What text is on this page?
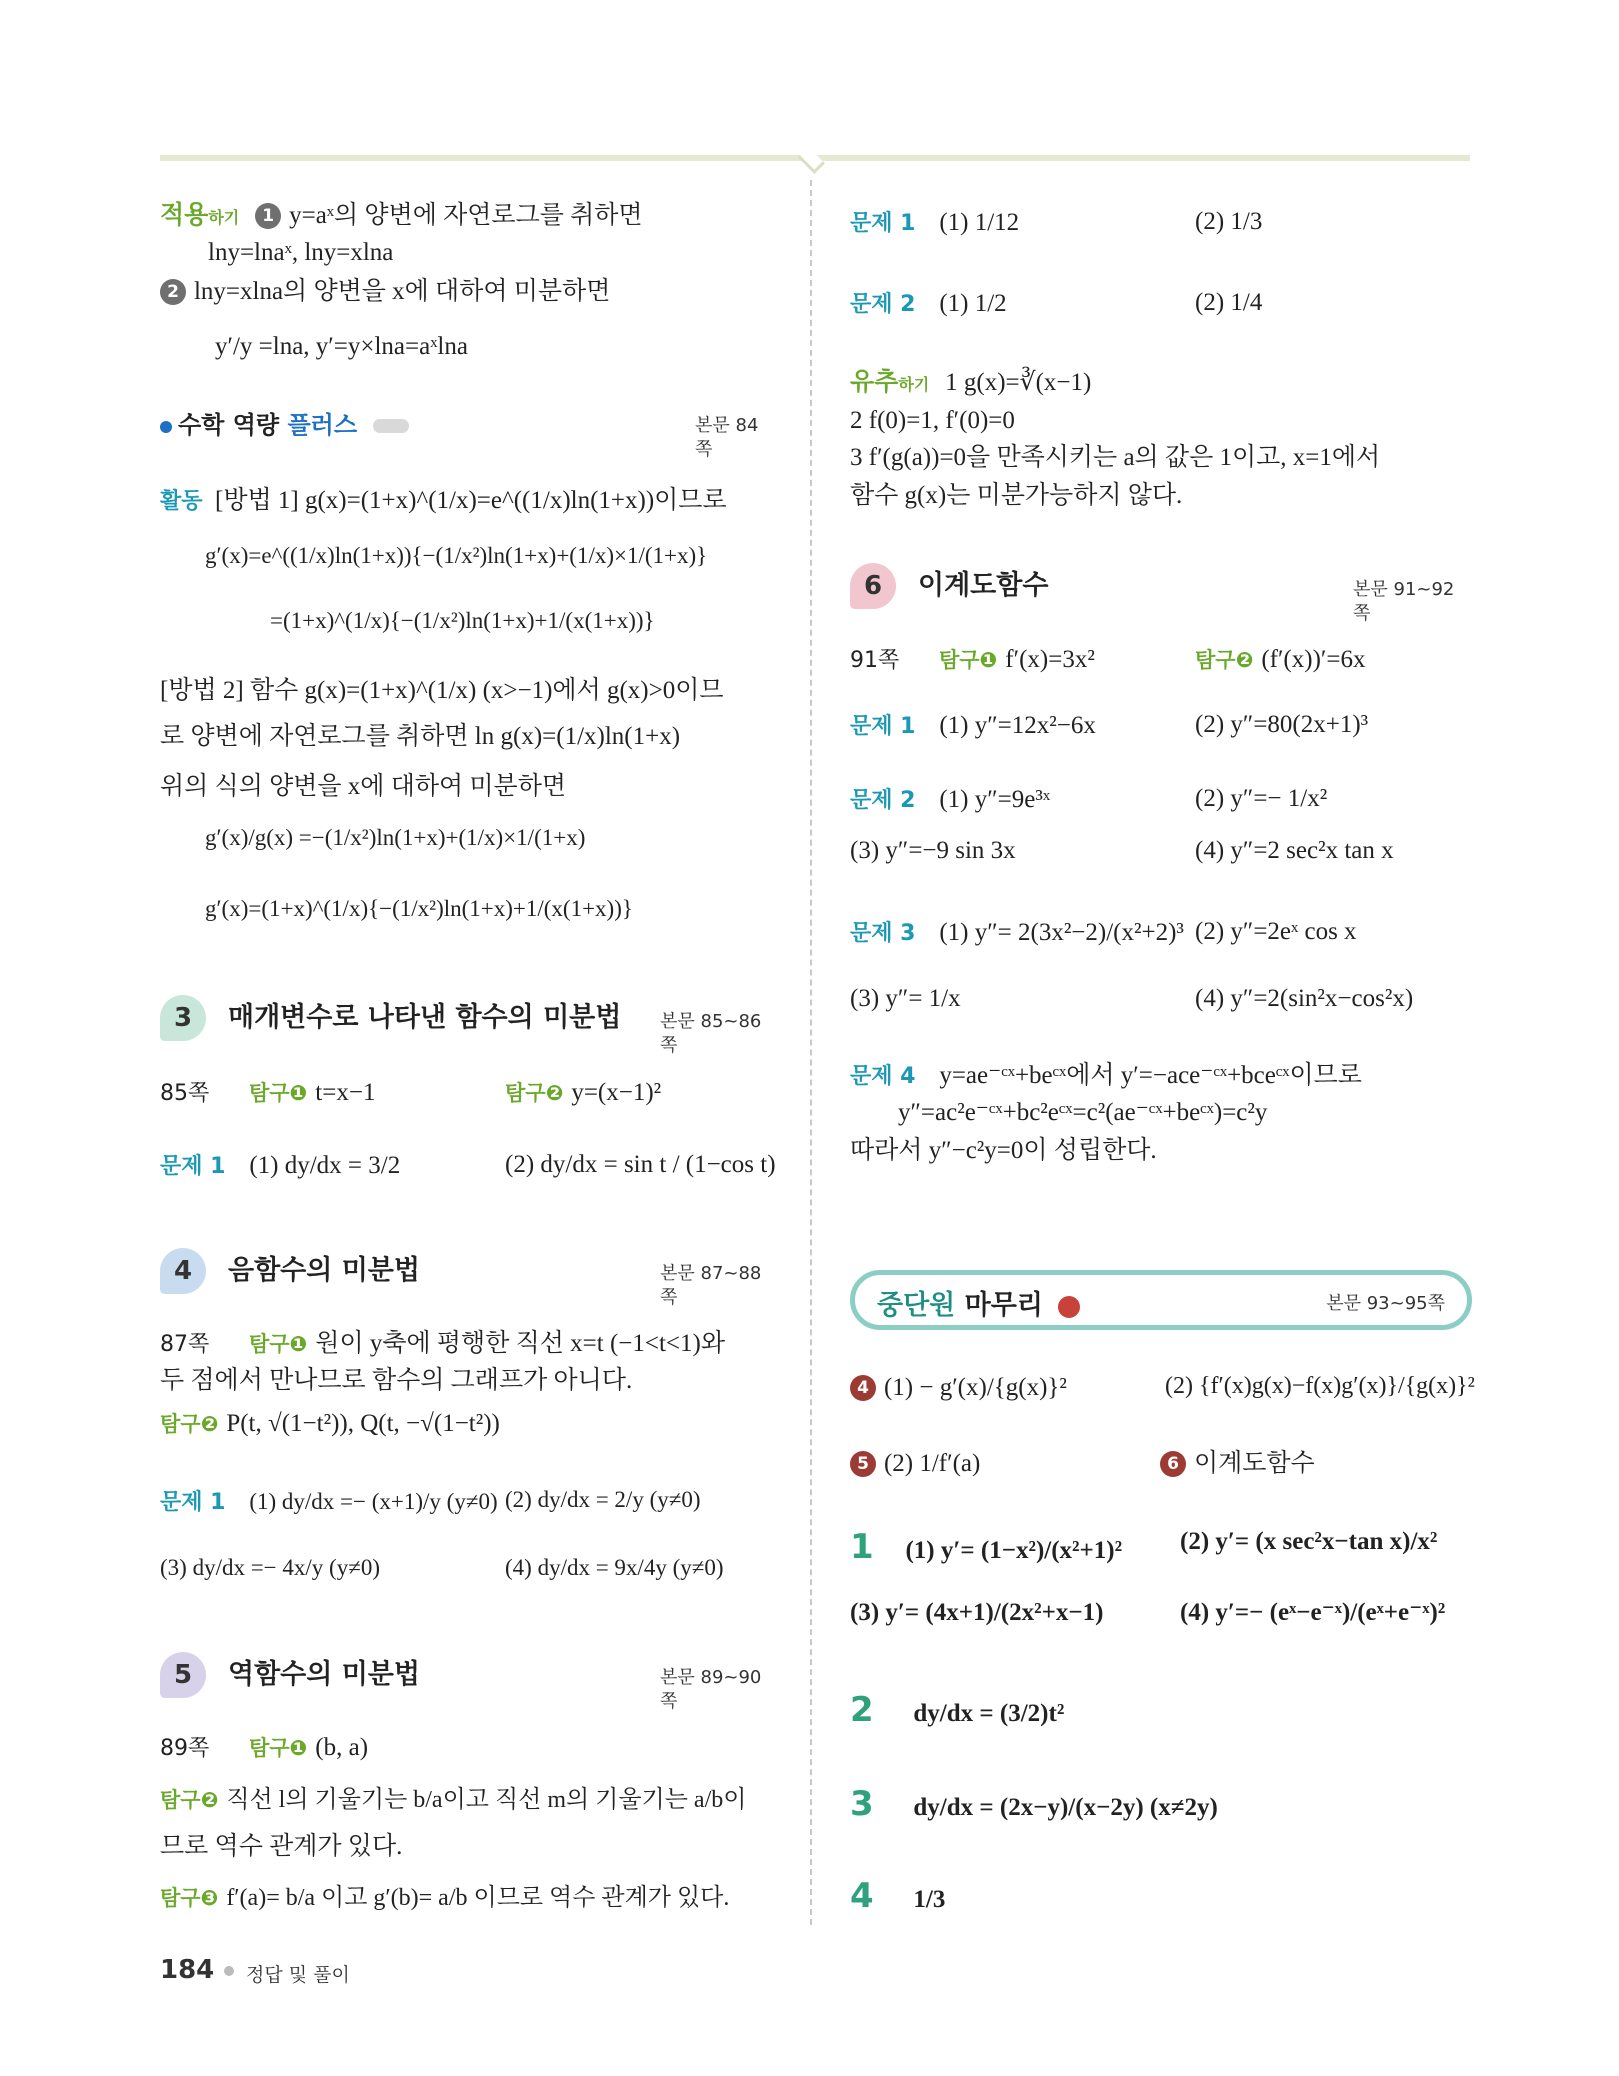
적용하기 1 y=aˣ의 양변에 자연로그를 취하면
lny=lnaˣ, lny=xlna
2 lny=xlna의 양변을 x에 대하여 미분하면
y′/y =lna, y′=y×lna=aˣlna
수학 역량 플러스	본문 84쪽
활동 [방법 1] g(x)=(1+x)^(1/x)=e^((1/x)ln(1+x))이므로
g′(x)=e^((1/x)ln(1+x)){−(1/x²)ln(1+x)+(1/x)×1/(1+x)}
=(1+x)^(1/x){−(1/x²)ln(1+x)+1/(x(1+x))}
[방법 2] 함수 g(x)=(1+x)^(1/x) (x>−1)에서 g(x)>0이므
로 양변에 자연로그를 취하면 ln g(x)=(1/x)ln(1+x)
위의 식의 양변을 x에 대하여 미분하면
g′(x)/g(x) =−(1/x²)ln(1+x)+(1/x)×1/(1+x)
g′(x)=(1+x)^(1/x){−(1/x²)ln(1+x)+1/(x(1+x))}
3 매개변수로 나타낸 함수의 미분법 본문 85~86쪽
85쪽 탐구❶ t=x−1	탐구❷ y=(x−1)²
문제 1 (1) dy/dx = 3/2	(2) dy/dx = sin t / (1−cos t)
4 음함수의 미분법	본문 87~88쪽
87쪽 탐구❶ 원이 y축에 평행한 직선 x=t (−1<t<1)와
두 점에서 만나므로 함수의 그래프가 아니다.
탐구❷ P(t, √(1−t²)), Q(t, −√(1−t²))
문제 1 (1) dy/dx =− (x+1)/y (y≠0) (2) dy/dx = 2/y (y≠0)
(3) dy/dx =− 4x/y (y≠0)	(4) dy/dx = 9x/4y (y≠0)
5 역함수의 미분법	본문 89~90쪽
89쪽 탐구❶ (b, a)
탐구❷ 직선 l의 기울기는 b/a이고 직선 m의 기울기는 a/b이
므로 역수 관계가 있다.
탐구❸ f′(a)= b/a 이고 g′(b)= a/b 이므로 역수 관계가 있다.
문제 1 (1) 1/12	(2) 1/3
문제 2 (1) 1/2	(2) 1/4
유추하기 1 g(x)=∛(x−1)
2 f(0)=1, f′(0)=0
3 f′(g(a))=0을 만족시키는 a의 값은 1이고, x=1에서
함수 g(x)는 미분가능하지 않다.
6 이계도함수	본문 91~92쪽
91쪽 탐구❶ f′(x)=3x²	탐구❷ (f′(x))′=6x
문제 1 (1) y″=12x²−6x	(2) y″=80(2x+1)³
문제 2 (1) y″=9e³ˣ	(2) y″=− 1/x²
(3) y″=−9 sin 3x	(4) y″=2 sec²x tan x
문제 3 (1) y″= 2(3x²−2)/(x²+2)³ (2) y″=2eˣ cos x
(3) y″= 1/x	(4) y″=2(sin²x−cos²x)
문제 4 y=ae⁻ᶜˣ+beᶜˣ에서 y′=−ace⁻ᶜˣ+bceᶜˣ이므로
y″=ac²e⁻ᶜˣ+bc²eᶜˣ=c²(ae⁻ᶜˣ+beᶜˣ)=c²y
따라서 y″−c²y=0이 성립한다.
중단원 마무리	본문 93~95쪽
4 (1) − g′(x)/{g(x)}²	(2) {f′(x)g(x)−f(x)g′(x)}/{g(x)}²
5 (2) 1/f′(a)	6 이계도함수
1 (1) y′= (1−x²)/(x²+1)² (2) y′= (x sec²x−tan x)/x²
(3) y′= (4x+1)/(2x²+x−1)	(4) y′=− (eˣ−e⁻ˣ)/(eˣ+e⁻ˣ)²
2 dy/dx = (3/2)t²
3 dy/dx = (2x−y)/(x−2y) (x≠2y)
4 1/3
184 정답 및 풀이
